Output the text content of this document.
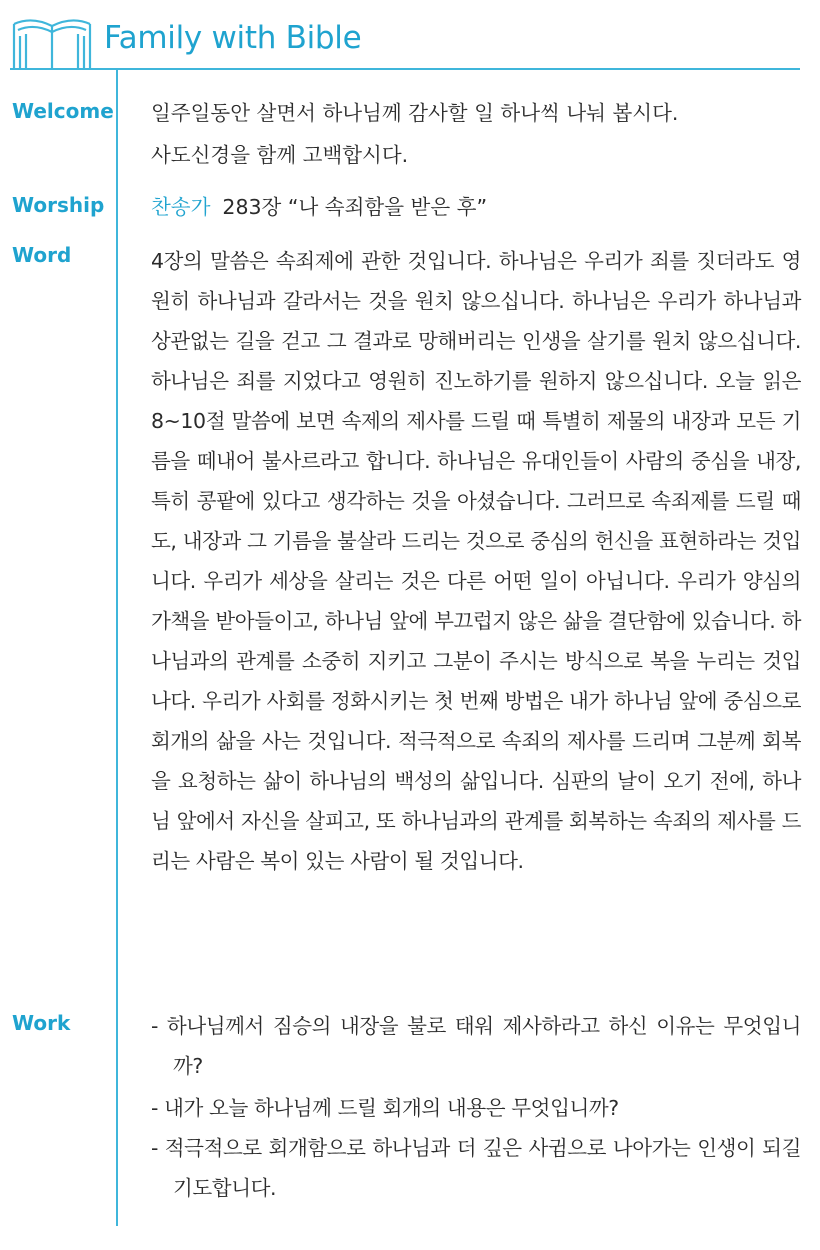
Family with Bible
Welcome 일주일동안 살면서 하나님께 감사할 일 하나씩 나눠 봅시다.
사도신경을 함께 고백합시다.
Worship 찬송가 283장 “나 속죄함을 받은 후”
Word	4장의 말씀은 속죄제에 관한 것입니다. 하나님은 우리가 죄를 짓더라도 영원히 하나님과 갈라서는 것을 원치 않으십니다. 하나님은 우리가 하나님과 상관없는 길을 걷고 그 결과로 망해버리는 인생을 살기를 원치 않으십니다. 하나님은 죄를 지었다고 영원히 진노하기를 원하지 않으십니다. 오늘 읽은 8~10절 말씀에 보면 속제의 제사를 드릴 때 특별히 제물의 내장과 모든 기름을 떼내어 불사르라고 합니다. 하나님은 유대인들이 사람의 중심을 내장, 특히 콩팥에 있다고 생각하는 것을 아셨습니다. 그러므로 속죄제를 드릴 때도, 내장과 그 기름을 불살라 드리는 것으로 중심의 헌신을 표현하라는 것입니다. 우리가 세상을 살리는 것은 다른 어떤 일이 아닙니다. 우리가 양심의 가책을 받아들이고, 하나님 앞에 부끄럽지 않은 삶을 결단함에 있습니다. 하나님과의 관계를 소중히 지키고 그분이 주시는 방식으로 복을 누리는 것입나다. 우리가 사회를 정화시키는 첫 번째 방법은 내가 하나님 앞에 중심으로 회개의 삶을 사는 것입니다. 적극적으로 속죄의 제사를 드리며 그분께 회복을 요청하는 삶이 하나님의 백성의 삶입니다. 심판의 날이 오기 전에, 하나님 앞에서 자신을 살피고, 또 하나님과의 관계를 회복하는 속죄의 제사를 드리는 사람은 복이 있는 사람이 될 것입니다.
Work	- 하나님께서 짐승의 내장을 불로 태워 제사하라고 하신 이유는 무엇입니까?
- 내가 오늘 하나님께 드릴 회개의 내용은 무엇입니까?
- 적극적으로 회개함으로 하나님과 더 깊은 사귐으로 나아가는 인생이 되길 기도합니다.
